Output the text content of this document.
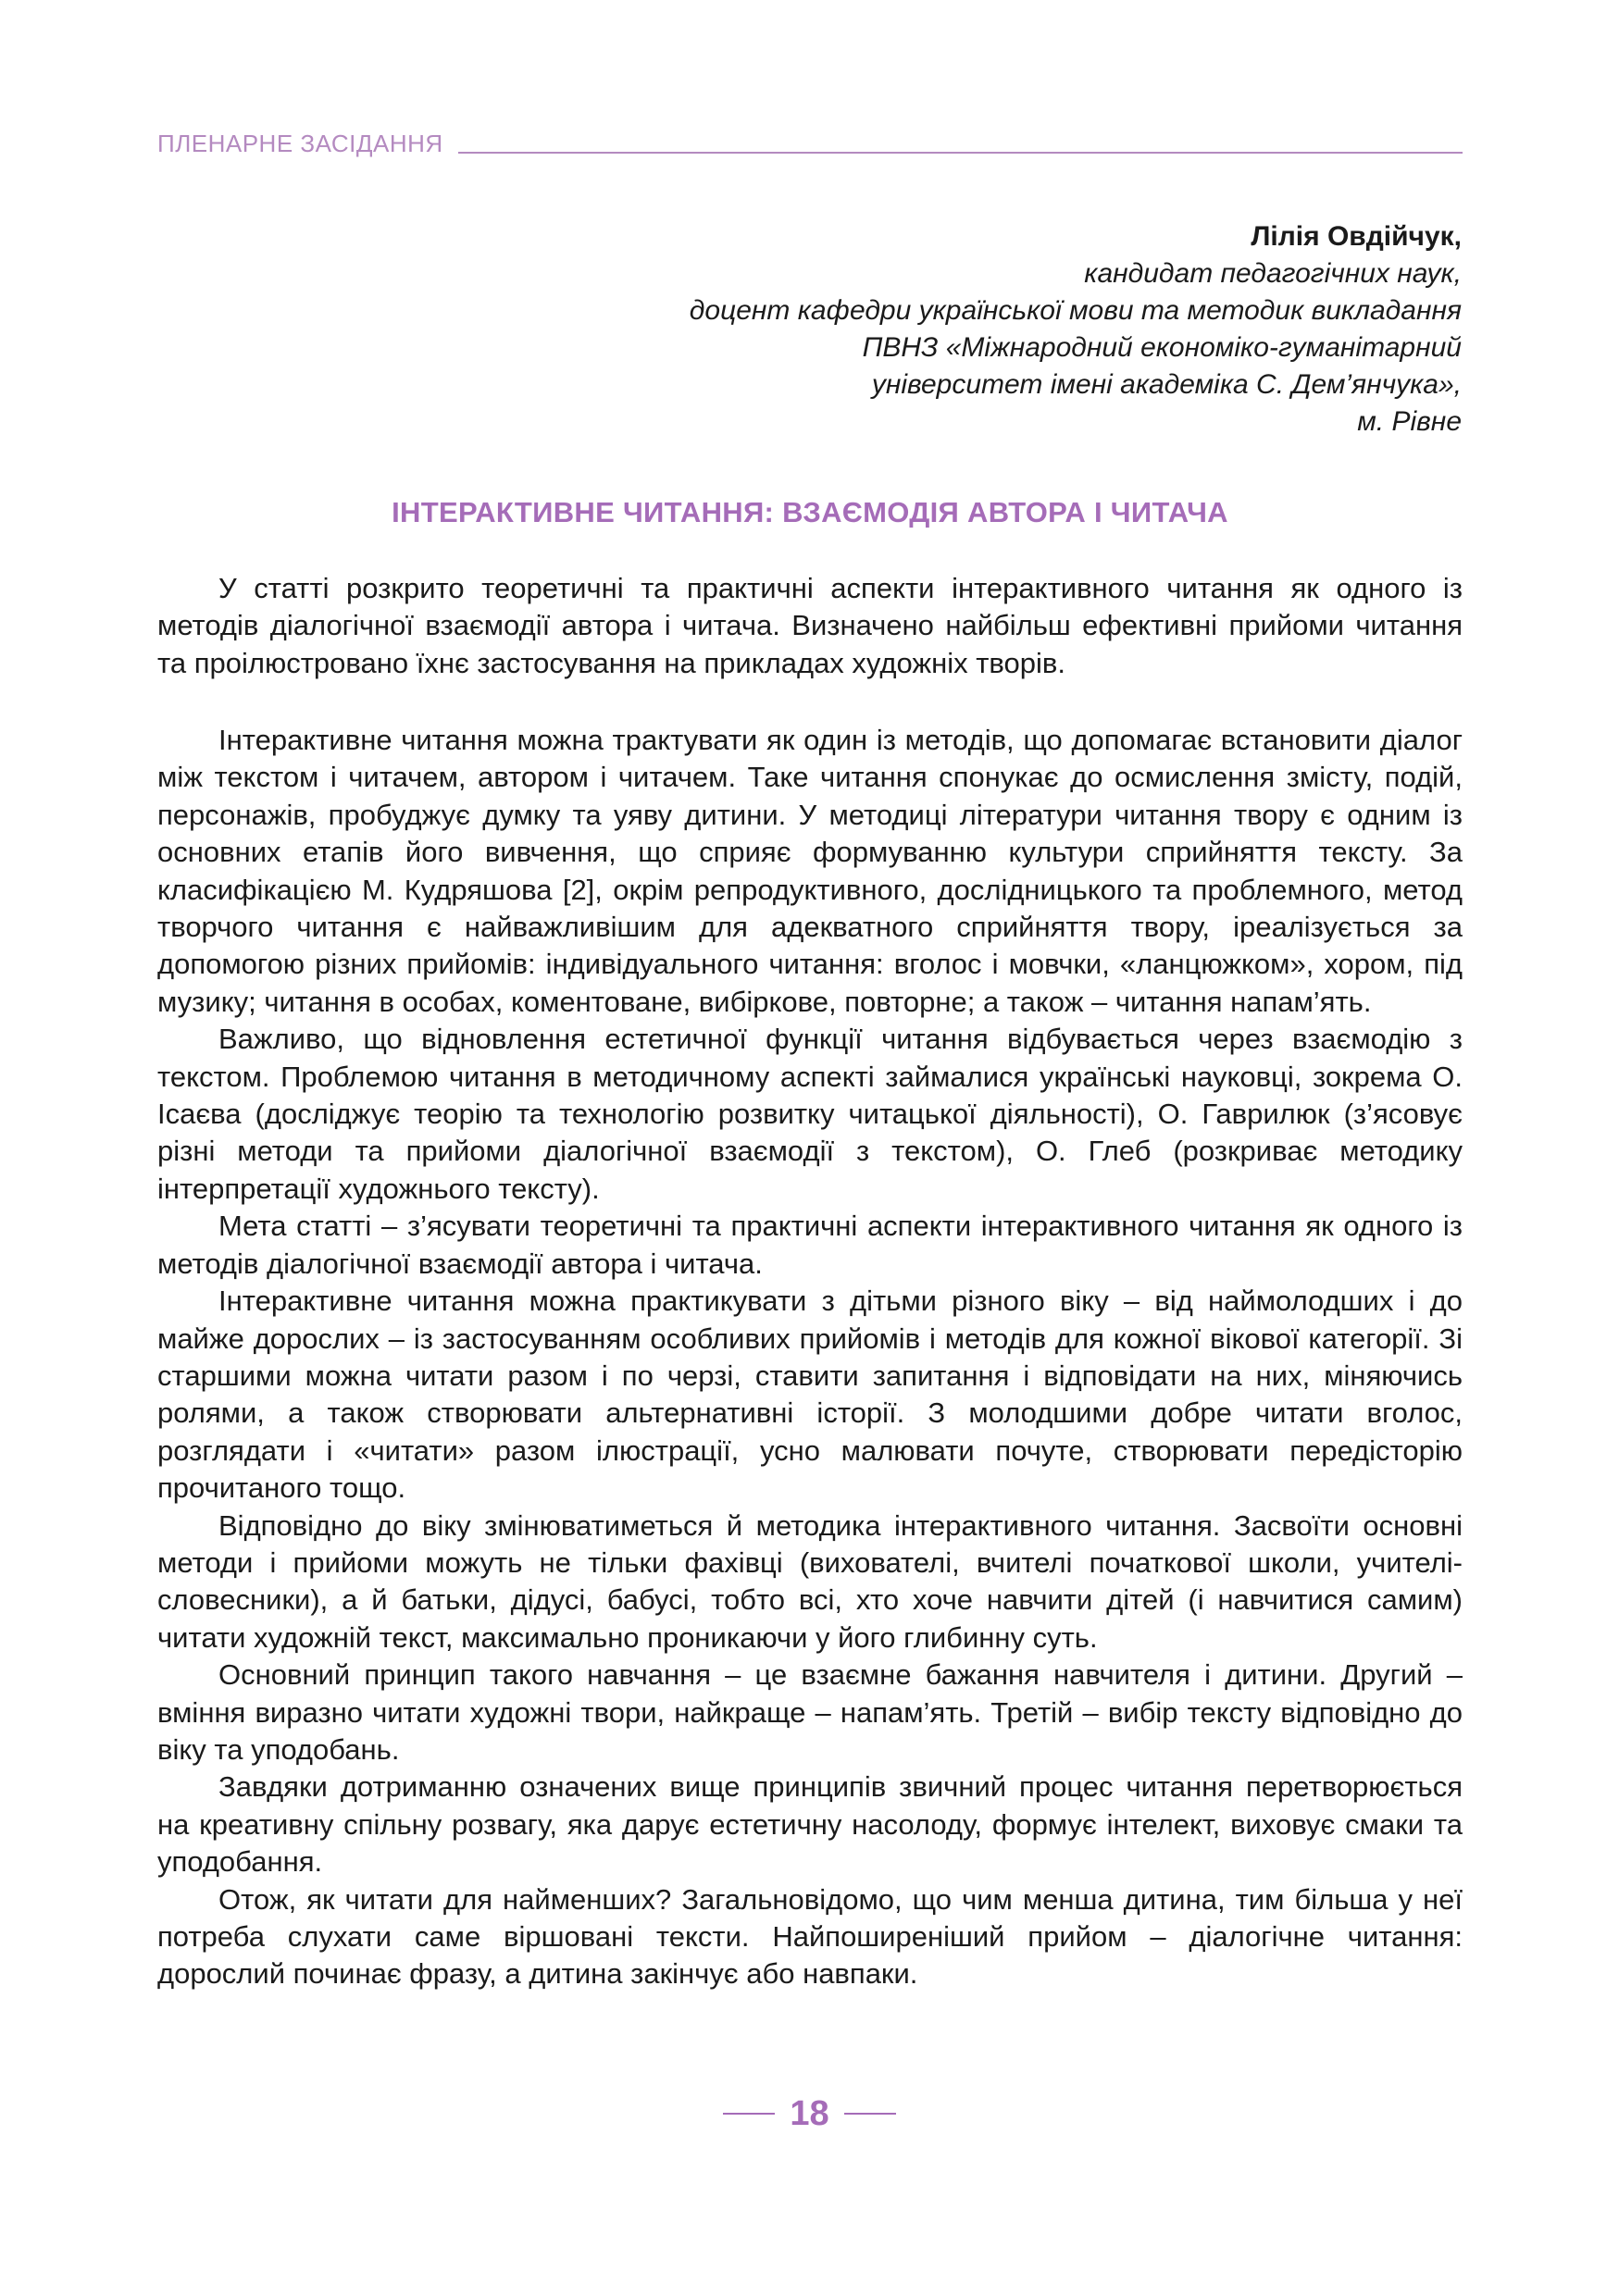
ПЛЕНАРНЕ ЗАСІДАННЯ
Лілія Овдійчук,
кандидат педагогічних наук,
доцент кафедри української мови та методик викладання
ПВНЗ «Міжнародний економіко-гуманітарний
університет імені академіка С. Дем’янчука»,
м. Рівне
ІНТЕРАКТИВНЕ ЧИТАННЯ: ВЗАЄМОДІЯ АВТОРА І ЧИТАЧА

У статті розкрито теоретичні та практичні аспекти інтерактивного читання як одного із методів діалогічної взаємодії автора і читача. Визначено найбільш ефективні прийоми читання та проілюстровано їхнє застосування на прикладах художніх творів.

Інтерактивне читання можна трактувати як один із методів, що допомагає встановити діалог між текстом і читачем, автором і читачем. Таке читання спонукає до осмислення змісту, подій, персонажів, пробуджує думку та уяву дитини. У методиці літератури читання твору є одним із основних етапів його вивчення, що сприяє формуванню культури сприйняття тексту. За класифікацією М. Кудряшова [2], окрім репродуктивного, дослідницького та проблемного, метод творчого читання є найважливішим для адекватного сприйняття твору, іреалізується за допомогою різних прийомів: індивідуального читання: вголос і мовчки, «ланцюжком», хором, під музику; читання в особах, коментоване, вибіркове, повторне; а також – читання напам’ять.

Важливо, що відновлення естетичної функції читання відбувається через взаємодію з текстом. Проблемою читання в методичному аспекті займалися українські науковці, зокрема О. Ісаєва (досліджує теорію та технологію розвитку читацької діяльності), О. Гаврилюк (з’ясовує різні методи та прийоми діалогічної взаємодії з текстом), О. Глеб (розкриває методику інтерпретації художнього тексту).

Мета статті – з’ясувати теоретичні та практичні аспекти інтерактивного читання як одного із методів діалогічної взаємодії автора і читача.

Інтерактивне читання можна практикувати з дітьми різного віку – від наймолодших і до майже дорослих – із застосуванням особливих прийомів і методів для кожної вікової категорії. Зі старшими можна читати разом і по черзі, ставити запитання і відповідати на них, міняючись ролями, а також створювати альтернативні історії. З молодшими добре читати вголос, розглядати і «читати» разом ілюстрації, усно малювати почуте, створювати передісторію прочитаного тощо.

Відповідно до віку змінюватиметься й методика інтерактивного читання. Засвоїти основні методи і прийоми можуть не тільки фахівці (вихователі, вчителі початкової школи, учителі-словесники), а й батьки, дідусі, бабусі, тобто всі, хто хоче навчити дітей (і навчитися самим) читати художній текст, максимально проникаючи у його глибинну суть.

Основний принцип такого навчання – це взаємне бажання навчителя і дитини. Другий – вміння виразно читати художні твори, найкраще – напам’ять. Третій – вибір тексту відповідно до віку та уподобань.

Завдяки дотриманню означених вище принципів звичний процес читання перетворюється на креативну спільну розвагу, яка дарує естетичну насолоду, формує інтелект, виховує смаки та уподобання.

Отож, як читати для найменших? Загальновідомо, що чим менша дитина, тим більша у неї потреба слухати саме віршовані тексти. Найпоширеніший прийом – діалогічне читання: дорослий починає фразу, а дитина закінчує або навпаки.

18
